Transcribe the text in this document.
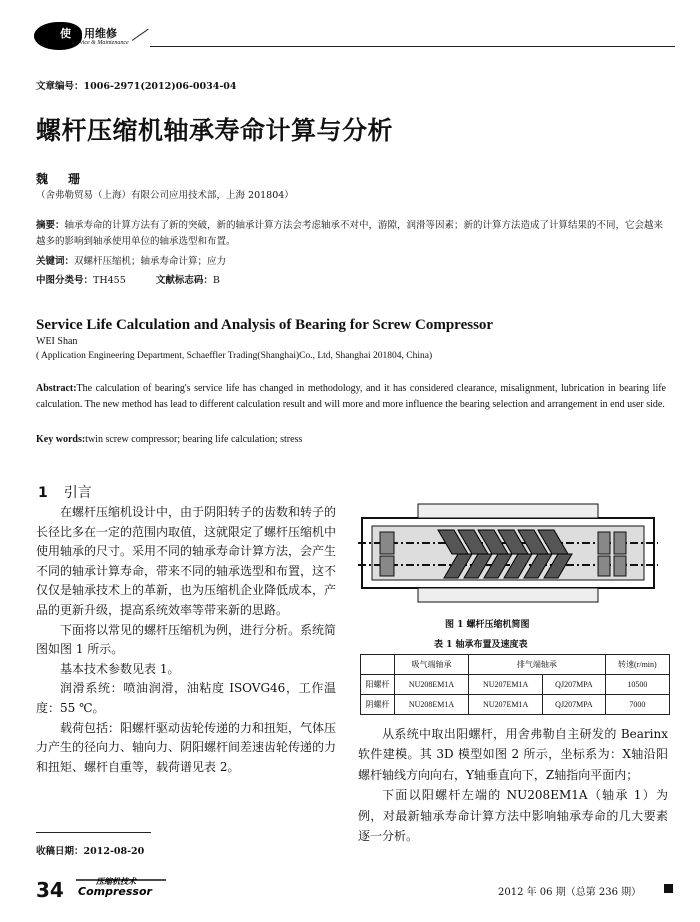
使 用维修
Service & Maintenance
文章编号：1006-2971(2012)06-0034-04
螺杆压缩机轴承寿命计算与分析
魏 珊
（舍弗勒贸易（上海）有限公司应用技术部，上海 201804）
摘要：轴承寿命的计算方法有了新的突破，新的轴承计算方法会考虑轴承不对中，游隙，润滑等因素；新的计算方法造成了计算结果的不同，它会越来越多的影响到轴承使用单位的轴承选型和布置。
关键词：双螺杆压缩机；轴承寿命计算；应力
中图分类号：TH455	文献标志码：B
Service Life Calculation and Analysis of Bearing for Screw Compressor
WEI Shan
( Application Engineering Department, Schaeffler Trading(Shanghai)Co., Ltd, Shanghai 201804, China)
Abstract:The calculation of bearing's service life has changed in methodology, and it has considered clearance, misalignment, lubrication in bearing life calculation. The new method has lead to different calculation result and will more and more influence the bearing selection and arrangement in end user side.
Key words:twin screw compressor; bearing life calculation; stress
1 引言

在螺杆压缩机设计中，由于阴阳转子的齿数和转子的长径比多在一定的范围内取值，这就限定了螺杆压缩机中使用轴承的尺寸。采用不同的轴承寿命计算方法，会产生不同的轴承计算寿命，带来不同的轴承选型和布置，这不仅仅是轴承技术上的革新，也为压缩机企业降低成本，产品的更新升级，提高系统效率等带来新的思路。

下面将以常见的螺杆压缩机为例，进行分析。系统简图如图 1 所示。

基本技术参数见表 1。

润滑系统：喷油润滑，油粘度 ISOVG46，工作温度：55 ℃。

载荷包括：阳螺杆驱动齿轮传递的力和扭矩，气体压力产生的径向力、轴向力、阴阳螺杆间差速齿轮传递的力和扭矩、螺杆自重等，载荷谱见表 2。

收稿日期：2012-08-20
图 1 螺杆压缩机简图
表 1 轴承布置及速度表
	吸气端轴承	排气端轴承		转速(r/min)
阳螺杆	NU208EM1A	NU207EM1A	QJ207MPA	10500
阴螺杆	NU208EM1A	NU207EM1A	QJ207MPA	7000

从系统中取出阳螺杆，用舍弗勒自主研发的 Bearinx 软件建模。其 3D 模型如图 2 所示，坐标系为：X轴沿阳螺杆轴线方向向右，Y轴垂直向下，Z轴指向平面内；

下面以阳螺杆左端的 NU208EM1A（轴承 1）为例，对最新轴承寿命计算方法中影响轴承寿命的几大要素逐一分析。

34	压缩机技术
Compressor	2012 年 06 期（总第 236 期）
